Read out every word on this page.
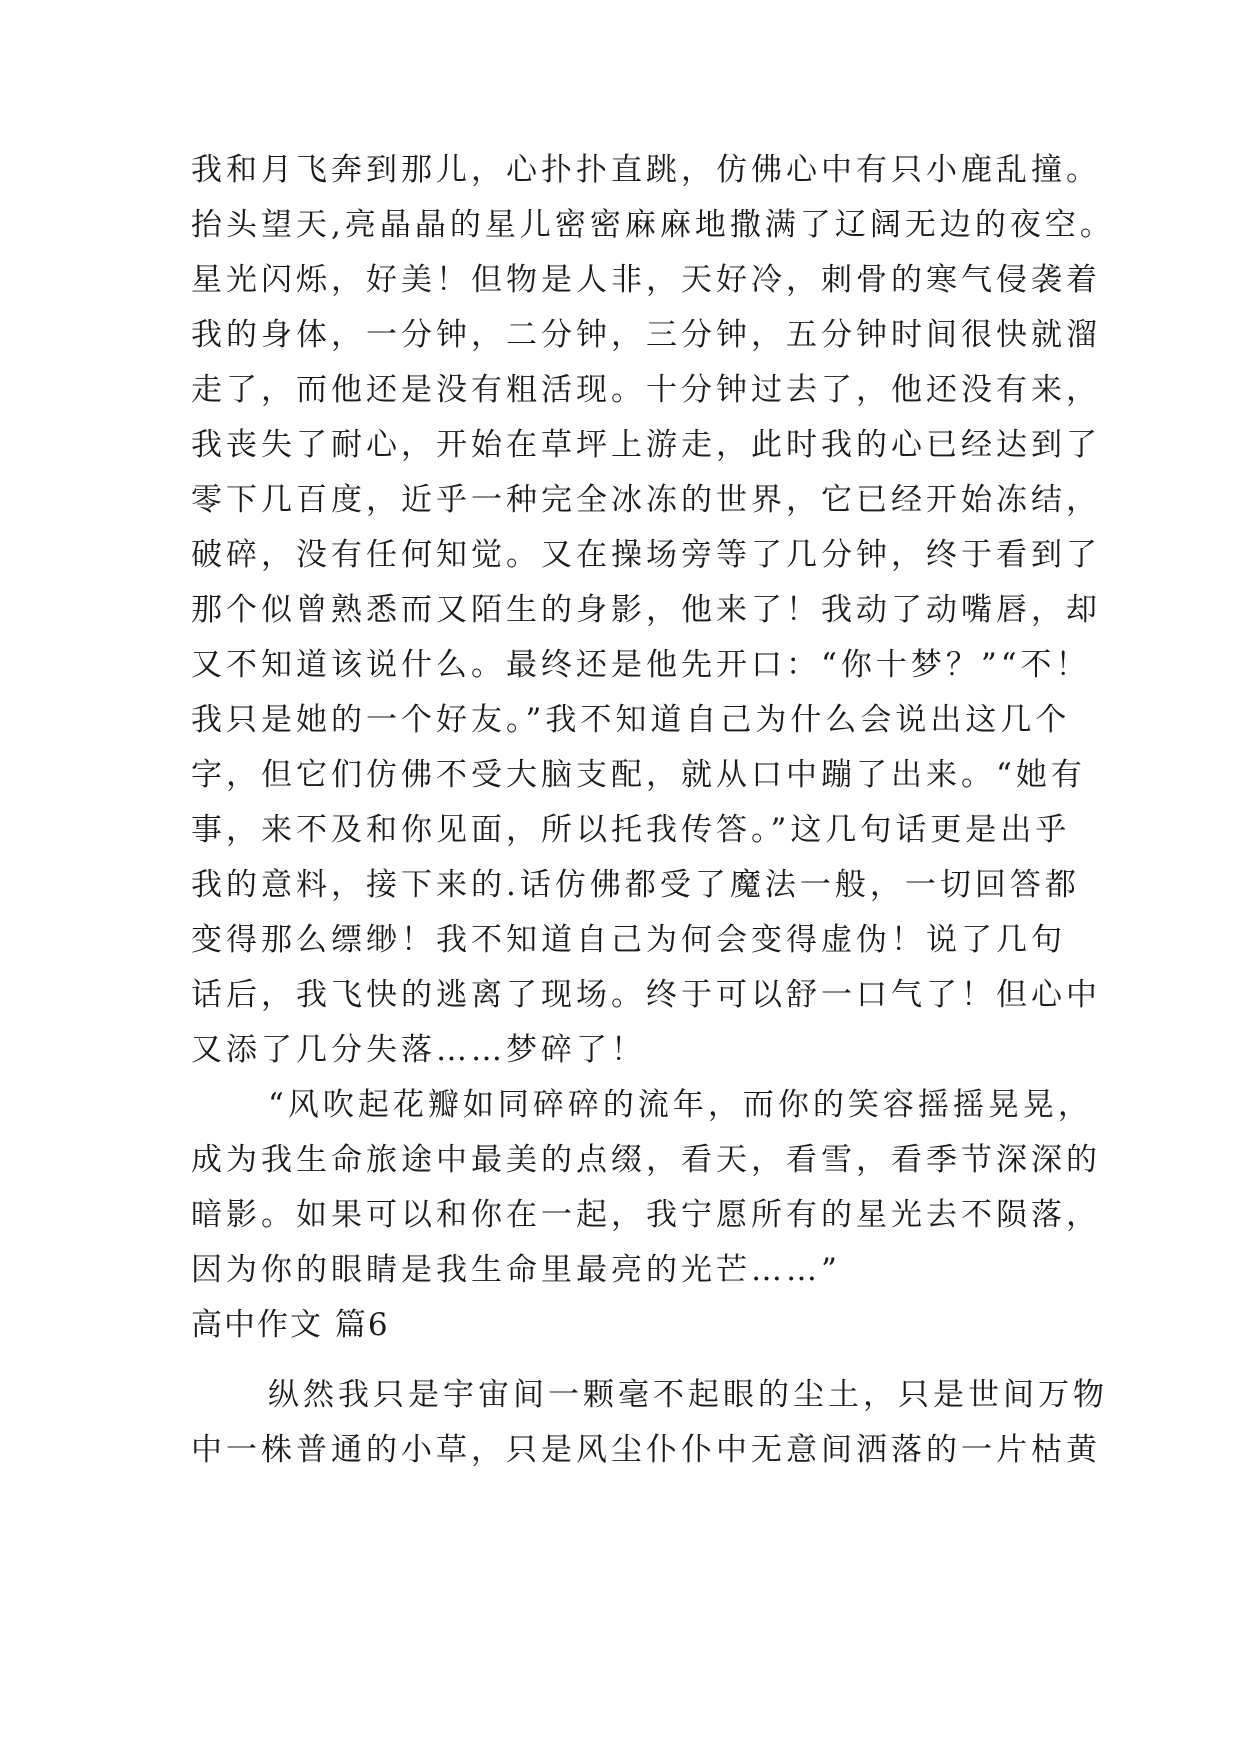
我和月飞奔到那儿，心扑扑直跳，仿佛心中有只小鹿乱撞。
抬头望天,亮晶晶的星儿密密麻麻地撒满了辽阔无边的夜空。
星光闪烁，好美！但物是人非，天好冷，刺骨的寒气侵袭着
我的身体，一分钟，二分钟，三分钟，五分钟时间很快就溜
走了，而他还是没有粗活现。十分钟过去了，他还没有来，
我丧失了耐心，开始在草坪上游走，此时我的心已经达到了
零下几百度，近乎一种完全冰冻的世界，它已经开始冻结，
破碎，没有任何知觉。又在操场旁等了几分钟，终于看到了
那个似曾熟悉而又陌生的身影，他来了！我动了动嘴唇，却
又不知道该说什么。最终还是他先开口：“你十梦？”“不！
我只是她的一个好友。”我不知道自己为什么会说出这几个
字，但它们仿佛不受大脑支配，就从口中蹦了出来。“她有
事，来不及和你见面，所以托我传答。”这几句话更是出乎
我的意料，接下来的.话仿佛都受了魔法一般，一切回答都
变得那么缥缈！我不知道自己为何会变得虚伪！说了几句
话后，我飞快的逃离了现场。终于可以舒一口气了！但心中
又添了几分失落……梦碎了！
“风吹起花瓣如同碎碎的流年，而你的笑容摇摇晃晃，
成为我生命旅途中最美的点缀，看天，看雪，看季节深深的
暗影。如果可以和你在一起，我宁愿所有的星光去不陨落，
因为你的眼睛是我生命里最亮的光芒……”
高中作文 篇6
纵然我只是宇宙间一颗毫不起眼的尘土，只是世间万物
中一株普通的小草，只是风尘仆仆中无意间洒落的一片枯黄
